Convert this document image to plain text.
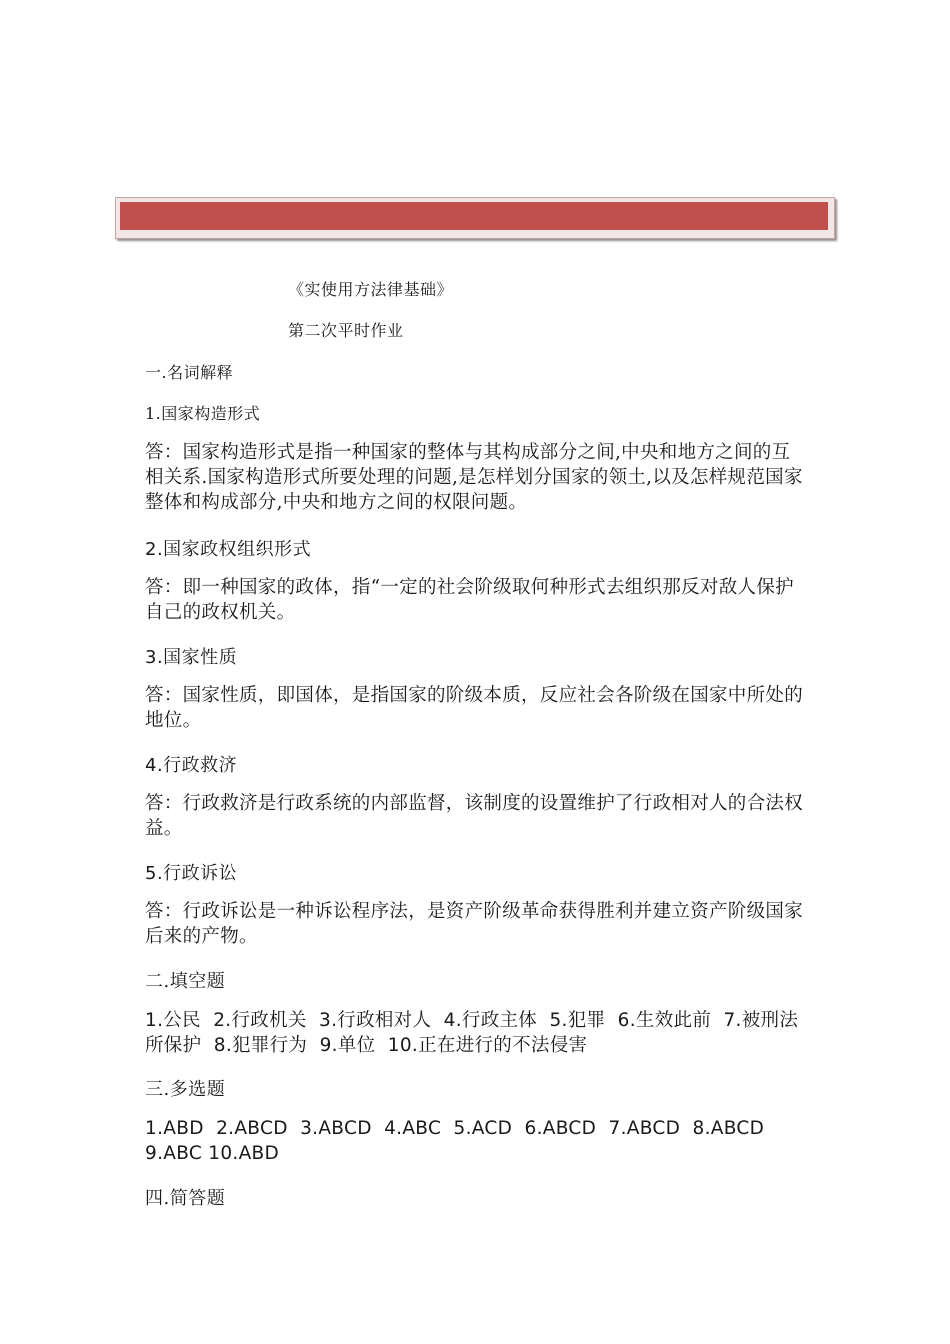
《实使用方法律基础》
第二次平时作业
一.名词解释
1.国家构造形式
答：国家构造形式是指一种国家的整体与其构成部分之间,中央和地方之间的互相关系.国家构造形式所要处理的问题,是怎样划分国家的领土,以及怎样规范国家整体和构成部分,中央和地方之间的权限问题。
2.国家政权组织形式
答：即一种国家的政体，指“一定的社会阶级取何种形式去组织那反对敌人保护自己的政权机关。
3.国家性质
答：国家性质，即国体，是指国家的阶级本质，反应社会各阶级在国家中所处的地位。
4.行政救济
答：行政救济是行政系统的内部监督，该制度的设置维护了行政相对人的合法权益。
5.行政诉讼
答：行政诉讼是一种诉讼程序法，是资产阶级革命获得胜利并建立资产阶级国家后来的产物。
二.填空题
1.公民  2.行政机关  3.行政相对人  4.行政主体  5.犯罪  6.生效此前  7.被刑法所保护  8.犯罪行为  9.单位  10.正在进行的不法侵害
三.多选题
1.ABD  2.ABCD  3.ABCD  4.ABC  5.ACD  6.ABCD  7.ABCD  8.ABCD  9.ABC 10.ABD
四.简答题
